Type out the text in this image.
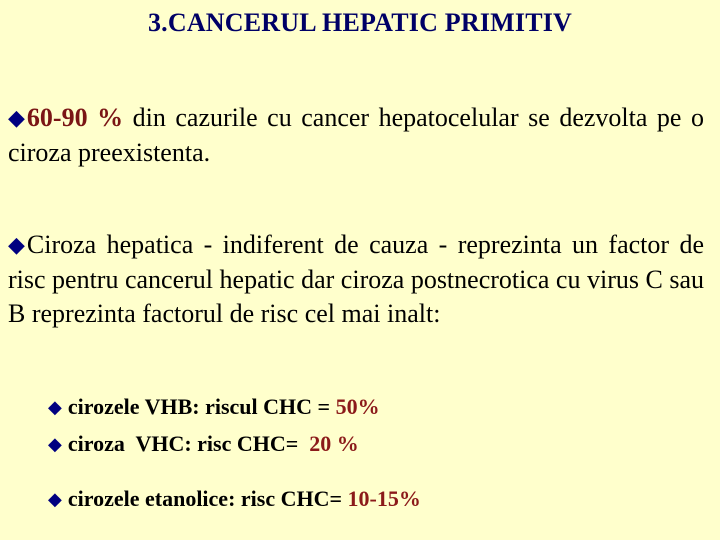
3.CANCERUL HEPATIC PRIMITIV
◆60-90 % din cazurile cu cancer hepatocelular se dezvolta pe o ciroza preexistenta.
◆Ciroza hepatica - indiferent de cauza - reprezinta un factor de risc pentru cancerul hepatic dar ciroza postnecrotica cu virus C sau B reprezinta factorul de risc cel mai inalt:
◆ cirozele VHB: riscul CHC = 50%
◆ ciroza  VHC: risc CHC=  20 %
◆ cirozele etanolice: risc CHC= 10-15%
